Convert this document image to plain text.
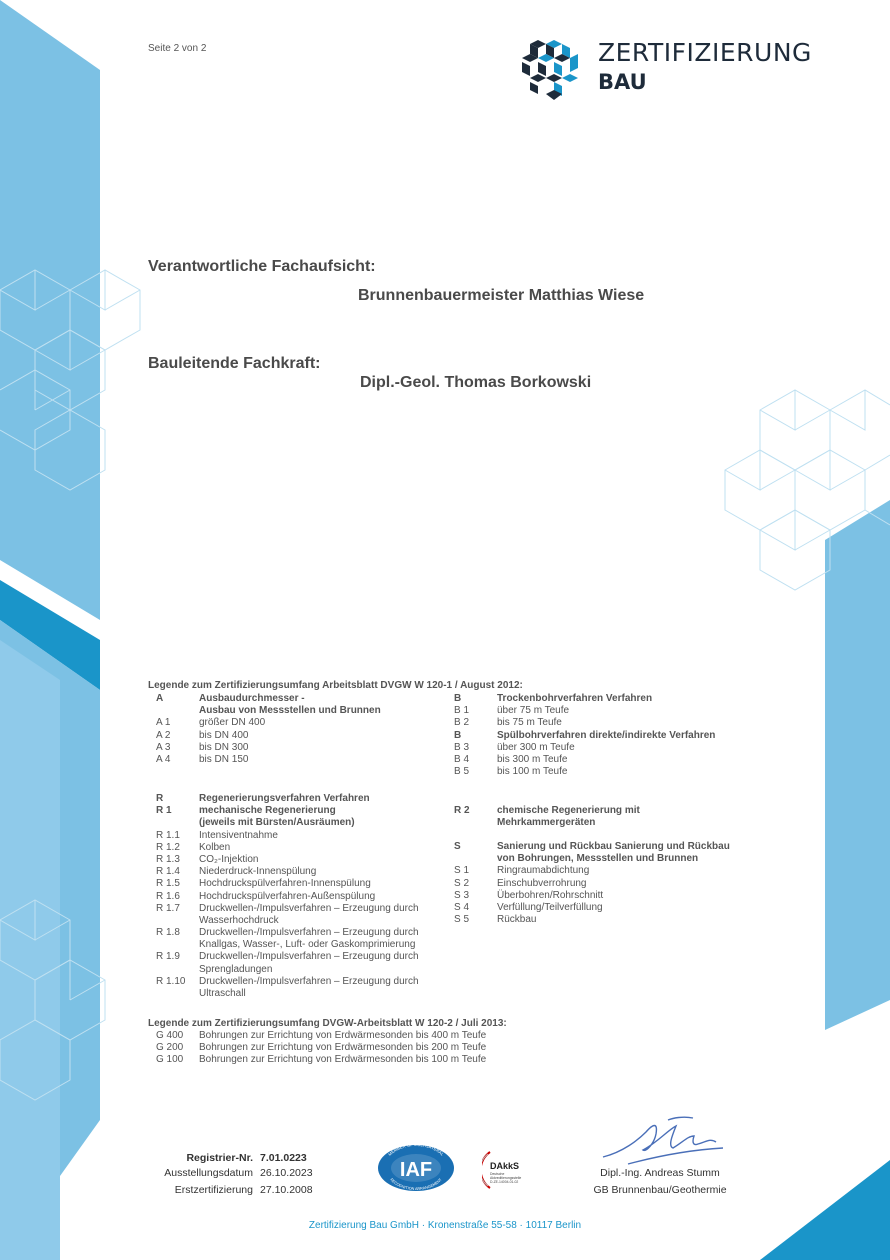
Seite 2 von 2	ZERTIFIZIERUNG
BAU
Verantwortliche Fachaufsicht:
Brunnenbauermeister Matthias Wiese
Bauleitende Fachkraft:
Dipl.-Geol. Thomas Borkowski
Legende zum Zertifizierungsumfang Arbeitsblatt DVGW W 120-1 / August 2012:
A	Ausbaudurchmesser -
Ausbau von Messstellen und Brunnen
A 1	größer DN 400
A 2	bis DN 400
A 3	bis DN 300
A 4	bis DN 150
B	Trockenbohrverfahren Verfahren
B 1	über 75 m Teufe
B 2	bis 75 m Teufe
B	Spülbohrverfahren direkte/indirekte Verfahren
B 3	über 300 m Teufe
B 4	bis 300 m Teufe
B 5	bis 100 m Teufe
R	Regenerierungsverfahren Verfahren
R 1	mechanische Regenerierung
(jeweils mit Bürsten/Ausräumen)
R 1.1 Intensiventnahme
R 1.2 Kolben
R 1.3 CO₂-Injektion
R 1.4 Niederdruck-Innenspülung
R 1.5 Hochdruckspülverfahren-Innenspülung
R 1.6 Hochdruckspülverfahren-Außenspülung
R 1.7 Druckwellen-/Impulsverfahren – Erzeugung durch
Wasserhochdruck
R 1.8 Druckwellen-/Impulsverfahren – Erzeugung durch
Knallgas, Wasser-, Luft- oder Gaskomprimierung
R 1.9 Druckwellen-/Impulsverfahren – Erzeugung durch
Sprengladungen
R 1.10 Druckwellen-/Impulsverfahren – Erzeugung durch
Ultraschall
R 2	chemische Regenerierung mit
Mehrkammergeräten
S	Sanierung und Rückbau Sanierung und Rückbau
von Bohrungen, Messstellen und Brunnen
S 1	Ringraumabdichtung
S 2	Einschubverrohrung
S 3	Überbohren/Rohrschnitt
S 4	Verfüllung/Teilverfüllung
S 5	Rückbau
Legende zum Zertifizierungsumfang DVGW-Arbeitsblatt W 120-2 / Juli 2013:
G 400 Bohrungen zur Errichtung von Erdwärmesonden bis 400 m Teufe
G 200 Bohrungen zur Errichtung von Erdwärmesonden bis 200 m Teufe
G 100 Bohrungen zur Errichtung von Erdwärmesonden bis 100 m Teufe
Registrier-Nr. 7.01.0223
Ausstellungsdatum 26.10.2023
Erstzertifizierung 27.10.2008
MEMBER OF MULTILATERAL
IAF
RECOGNITION ARRANGEMENT
DAkkS
Deutsche
Akkreditierungsstelle
D-ZE-14004-01-02
Dipl.-Ing. Andreas Stumm
GB Brunnenbau/Geothermie
Zertifizierung Bau GmbH · Kronenstraße 55-58 · 10117 Berlin
